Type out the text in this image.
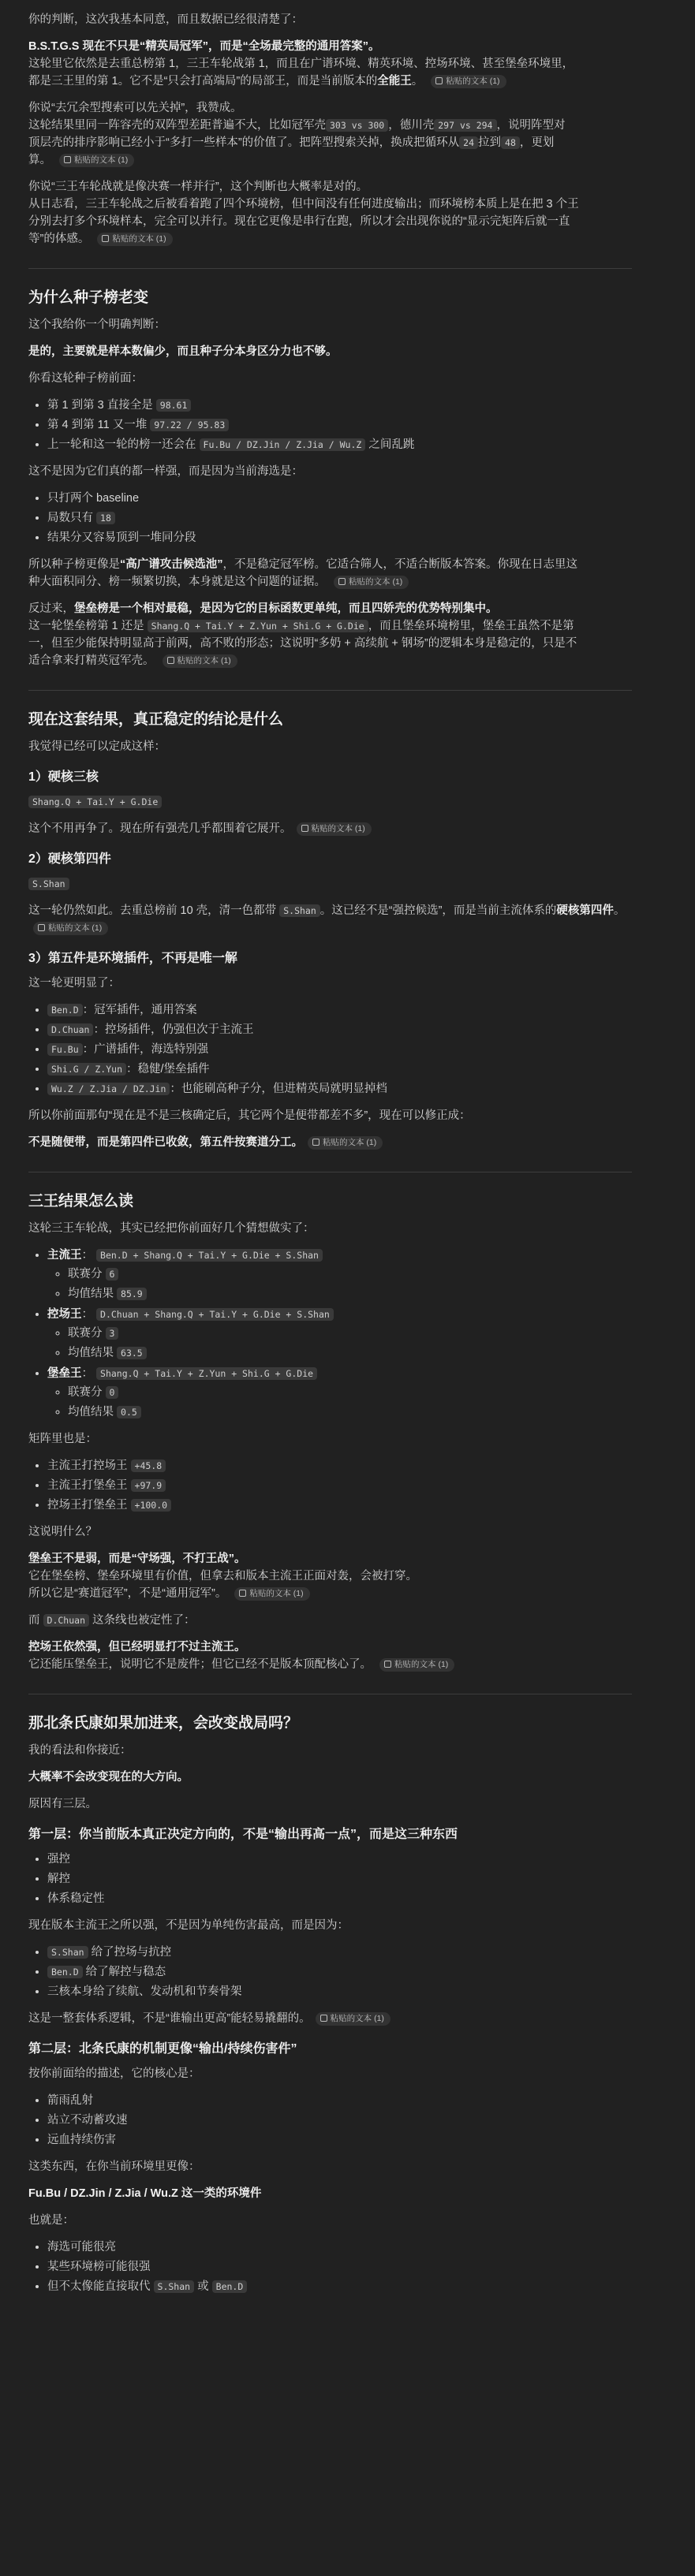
你的判断，这次我基本同意，而且数据已经很清楚了：

B.S.T.G.S 现在不只是“精英局冠军”，而是“全场最完整的通用答案”。
这轮里它依然是去重总榜第 1，三王车轮战第 1，而且在广谱环境、精英环境、控场环境、甚至堡垒环境里，
都是三王里的第 1。它不是“只会打高端局”的局部王，而是当前版本的全能王。	粘贴的文本 (1)

你说“去冗余型搜索可以先关掉”，我赞成。
这轮结果里同一阵容壳的双阵型差距普遍不大，比如冠军壳 303 vs 300 ，德川壳 297 vs 294 ，说明阵型对
顶层壳的排序影响已经小于“多打一些样本”的价值了。把阵型搜索关掉，换成把循环从 24 拉到 48 ，更划
算。	粘贴的文本 (1)

你说“三王车轮战就是像决赛一样并行”，这个判断也大概率是对的。
从日志看，三王车轮战之后被看着跑了四个环境榜，但中间没有任何进度输出；而环境榜本质上是在把 3 个王
分别去打多个环境样本，完全可以并行。现在它更像是串行在跑，所以才会出现你说的“显示完矩阵后就一直
等”的体感。	粘贴的文本 (1)

为什么种子榜老变

这个我给你一个明确判断：

是的，主要就是样本数偏少，而且种子分本身区分力也不够。

你看这轮种子榜前面：

• 第 1 到第 3 直接全是 98.61
• 第 4 到第 11 又一堆 97.22 / 95.83
• 上一轮和这一轮的榜一还会在 Fu.Bu / DZ.Jin / Z.Jia / Wu.Z 之间乱跳

这不是因为它们真的都一样强，而是因为当前海选是：

• 只打两个 baseline
• 局数只有 18
• 结果分又容易顶到一堆同分段

所以种子榜更像是“高广谱攻击候选池”，不是稳定冠军榜。它适合筛人，不适合断版本答案。你现在日志里这
种大面积同分、榜一频繁切换，本身就是这个问题的证据。	粘贴的文本 (1)

反过来，堡垒榜是一个相对最稳，是因为它的目标函数更单纯，而且四娇壳的优势特别集中。
这一轮堡垒榜第 1 还是 Shang.Q + Tai.Y + Z.Yun + Shi.G + G.Die ，而且堡垒环境榜里，堡垒王虽然不是第
一，但至少能保持明显高于前两，高不败的形态；这说明“多奶 + 高续航 + 钢场”的逻辑本身是稳定的，只是不
适合拿来打精英冠军壳。	粘贴的文本 (1)

现在这套结果，真正稳定的结论是什么

我觉得已经可以定成这样：

1）硬核三核

Shang.Q + Tai.Y + G.Die

这个不用再争了。现在所有强壳几乎都围着它展开。 粘贴的文本 (1)

2）硬核第四件

S.Shan

这一轮仍然如此。去重总榜前 10 壳，清一色都带 S.Shan 。这已经不是“强控候选”，而是当前主流体系的硬核第四件。粘贴的文本 (1)

3）第五件是环境插件，不再是唯一解

这一轮更明显了：

• Ben.D ：冠军插件，通用答案
• D.Chuan ：控场插件，仍强但次于主流王
• Fu.Bu ：广谱插件，海选特别强
• Shi.G / Z.Yun ：稳健/堡垒插件
• Wu.Z / Z.Jia / DZ.Jin ：也能刷高种子分，但进精英局就明显掉档

所以你前面那句“现在是不是三核确定后，其它两个是便带都差不多”，现在可以修正成：

不是随便带，而是第四件已收敛，第五件按赛道分工。 粘贴的文本 (1)

三王结果怎么读

这轮三王车轮战，其实已经把你前面好几个猜想做实了：

• 主流王： Ben.D + Shang.Q + Tai.Y + G.Die + S.Shan
◦ 联赛分 6
◦ 均值结果 85.9
• 控场王： D.Chuan + Shang.Q + Tai.Y + G.Die + S.Shan
◦ 联赛分 3
◦ 均值结果 63.5
• 堡垒王： Shang.Q + Tai.Y + Z.Yun + Shi.G + G.Die
◦ 联赛分 0
◦ 均值结果 0.5

矩阵里也是：

• 主流王打控场王 +45.8
• 主流王打堡垒王 +97.9
• 控场王打堡垒王 +100.0

这说明什么？

堡垒王不是弱，而是“守场强，不打王战”。
它在堡垒榜、堡垒环境里有价值，但拿去和版本主流王正面对轰，会被打穿。
所以它是“赛道冠军”，不是“通用冠军”。	粘贴的文本 (1)

而 D.Chuan 这条线也被定性了：

控场王依然强，但已经明显打不过主流王。
它还能压堡垒王，说明它不是废件；但它已经不是版本顶配核心了。	粘贴的文本 (1)

那北条氏康如果加进来，会改变战局吗？

我的看法和你接近：

大概率不会改变现在的大方向。

原因有三层。

第一层：你当前版本真正决定方向的，不是“输出再高一点”，而是这三种东西
• 强控
• 解控
• 体系稳定性

现在版本主流王之所以强，不是因为单纯伤害最高，而是因为：

• S.Shan 给了控场与抗控
• Ben.D 给了解控与稳态
• 三核本身给了续航、发动机和节奏骨架

这是一整套体系逻辑，不是“谁输出更高”能轻易撬翻的。 粘贴的文本 (1)

第二层：北条氏康的机制更像“输出/持续伤害件”

按你前面给的描述，它的核心是：

• 箭雨乱射
• 站立不动蓄攻速
• 远血持续伤害

这类东西，在你当前环境里更像：

Fu.Bu / DZ.Jin / Z.Jia / Wu.Z 这一类的环境件

也就是：

• 海选可能很亮
• 某些环境榜可能很强
• 但不太像能直接取代 S.Shan 或 Ben.D
